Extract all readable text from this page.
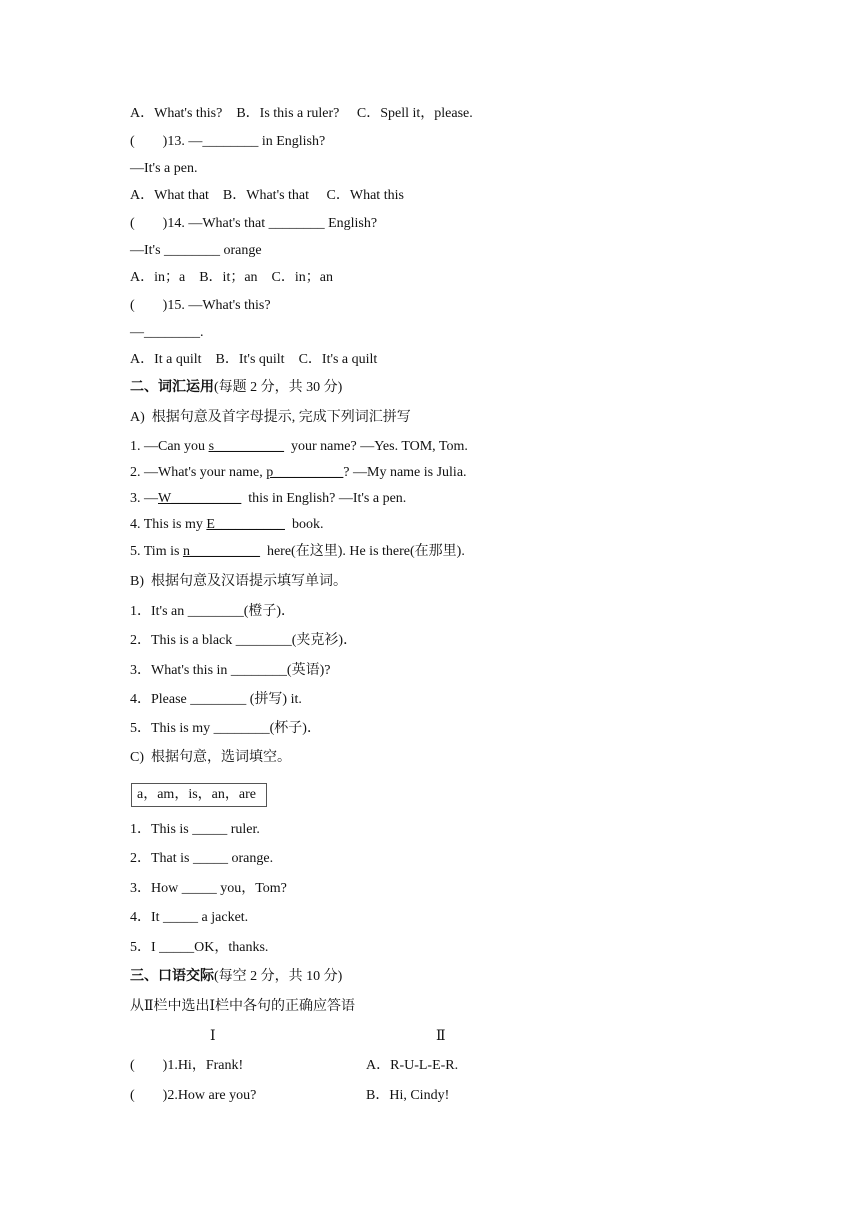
A．What's this?　B．Is this a ruler?　 C．Spell it，please.
(　　)13. —________ in English?
—It's a pen.
A．What that　B．What's that　 C．What this
(　　)14. —What's that ________ English?
—It's ________ orange
A．in；a　B．it；an　C．in；an
(　　)15. —What's this?
—________.
A．It a quilt　B．It's quilt　C．It's a quilt
二、词汇运用(每题 2 分，共 30 分)
A)  根据句意及首字母提示, 完成下列词汇拼写
1. —Can you s__________  your name? —Yes. TOM, Tom.
2. —What's your name, p__________? —My name is Julia.
3. —W__________  this in English? —It's a pen.
4. This is my E__________  book.
5. Tim is n__________  here(在这里). He is there(在那里).
B)  根据句意及汉语提示填写单词。
1．It's an ________(橙子)．
2．This is a black ________(夹克衫)．
3．What's this in ________(英语)?
4．Please ________ (拼写) it.
5．This is my ________(杯子)．
C)  根据句意，选词填空。
a，am，is，an，are
1．This is _____ ruler.
2．That is _____ orange.
3．How _____ you，Tom?
4．It _____ a jacket.
5．I _____OK，thanks.
三、口语交际(每空 2 分，共 10 分)
从Ⅱ栏中选出Ⅰ栏中各句的正确应答语
Ⅰ	Ⅱ
(　　)1.Hi，Frank!	A．R-U-L-E-R.
(　　)2.How are you?	B．Hi, Cindy!
